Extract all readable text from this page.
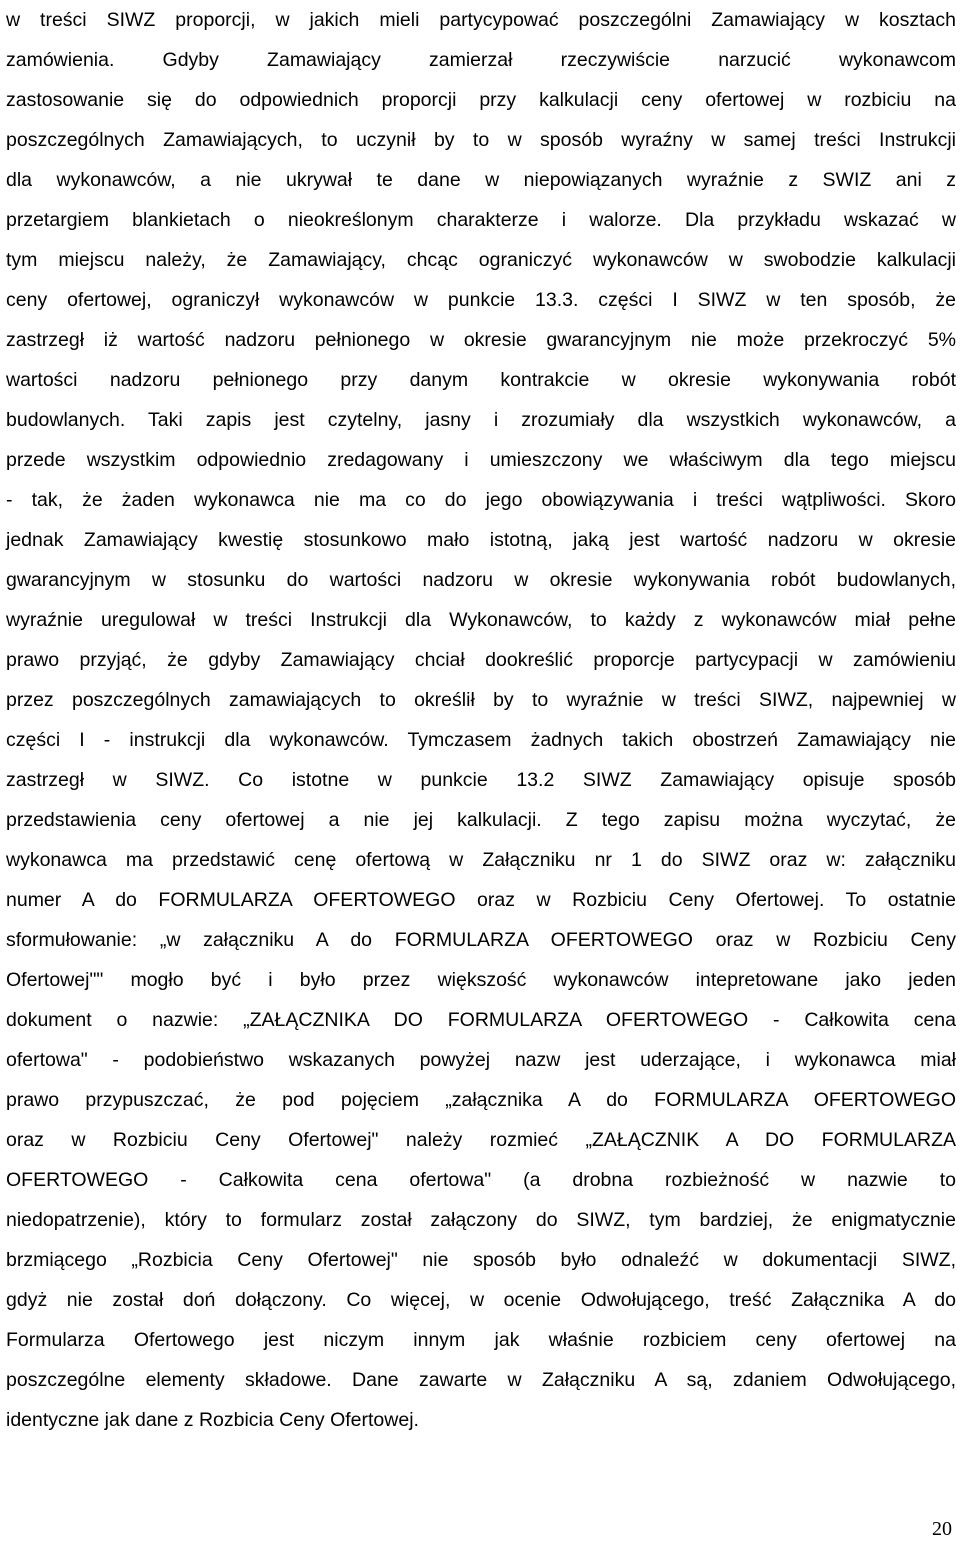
w treści SIWZ proporcji, w jakich mieli partycypować poszczególni Zamawiający w kosztach
zamówienia. Gdyby Zamawiający zamierzał rzeczywiście narzucić wykonawcom
zastosowanie się do odpowiednich proporcji przy kalkulacji ceny ofertowej w rozbiciu na
poszczególnych Zamawiających, to uczynił by to w sposób wyraźny w samej treści Instrukcji
dla wykonawców, a nie ukrywał te dane w niepowiązanych wyraźnie z SWIZ ani z
przetargiem blankietach o nieokreślonym charakterze i walorze. Dla przykładu wskazać w
tym miejscu należy, że Zamawiający, chcąc ograniczyć wykonawców w swobodzie kalkulacji
ceny ofertowej, ograniczył wykonawców w punkcie 13.3. części I SIWZ w ten sposób, że
zastrzegł iż wartość nadzoru pełnionego w okresie gwarancyjnym nie może przekroczyć 5%
wartości nadzoru pełnionego przy danym kontrakcie w okresie wykonywania robót
budowlanych. Taki zapis jest czytelny, jasny i zrozumiały dla wszystkich wykonawców, a
przede wszystkim odpowiednio zredagowany i umieszczony we właściwym dla tego miejscu
- tak, że żaden wykonawca nie ma co do jego obowiązywania i treści wątpliwości. Skoro
jednak Zamawiający kwestię stosunkowo mało istotną, jaką jest wartość nadzoru w okresie
gwarancyjnym w stosunku do wartości nadzoru w okresie wykonywania robót budowlanych,
wyraźnie uregulował w treści Instrukcji dla Wykonawców, to każdy z wykonawców miał pełne
prawo przyjąć, że gdyby Zamawiający chciał dookreślić proporcje partycypacji w zamówieniu
przez poszczególnych zamawiających to określił by to wyraźnie w treści SIWZ, najpewniej w
części I - instrukcji dla wykonawców. Tymczasem żadnych takich obostrzeń Zamawiający nie
zastrzegł w SIWZ. Co istotne w punkcie 13.2 SIWZ Zamawiający opisuje sposób
przedstawienia ceny ofertowej a nie jej kalkulacji. Z tego zapisu można wyczytać, że
wykonawca ma przedstawić cenę ofertową w Załączniku nr 1 do SIWZ oraz w: załączniku
numer A do FORMULARZA OFERTOWEGO oraz w Rozbiciu Ceny Ofertowej. To ostatnie
sformułowanie: „w załączniku A do FORMULARZA OFERTOWEGO oraz w Rozbiciu Ceny
Ofertowej"" mogło być i było przez większość wykonawców intepretowane jako jeden
dokument o nazwie: „ZAŁĄCZNIKA DO FORMULARZA OFERTOWEGO - Całkowita cena
ofertowa" - podobieństwo wskazanych powyżej nazw jest uderzające, i wykonawca miał
prawo przypuszczać, że pod pojęciem „załącznika A do FORMULARZA OFERTOWEGO
oraz w Rozbiciu Ceny Ofertowej" należy rozmieć „ZAŁĄCZNIK A DO FORMULARZA
OFERTOWEGO - Całkowita cena ofertowa" (a drobna rozbieżność w nazwie to
niedopatrzenie), który to formularz został załączony do SIWZ, tym bardziej, że enigmatycznie
brzmiącego „Rozbicia Ceny Ofertowej" nie sposób było odnaleźć w dokumentacji SIWZ,
gdyż nie został doń dołączony. Co więcej, w ocenie Odwołującego, treść Załącznika A do
Formularza Ofertowego jest niczym innym jak właśnie rozbiciem ceny ofertowej na
poszczególne elementy składowe. Dane zawarte w Załączniku A są, zdaniem Odwołującego,
identyczne jak dane z Rozbicia Ceny Ofertowej.
20
